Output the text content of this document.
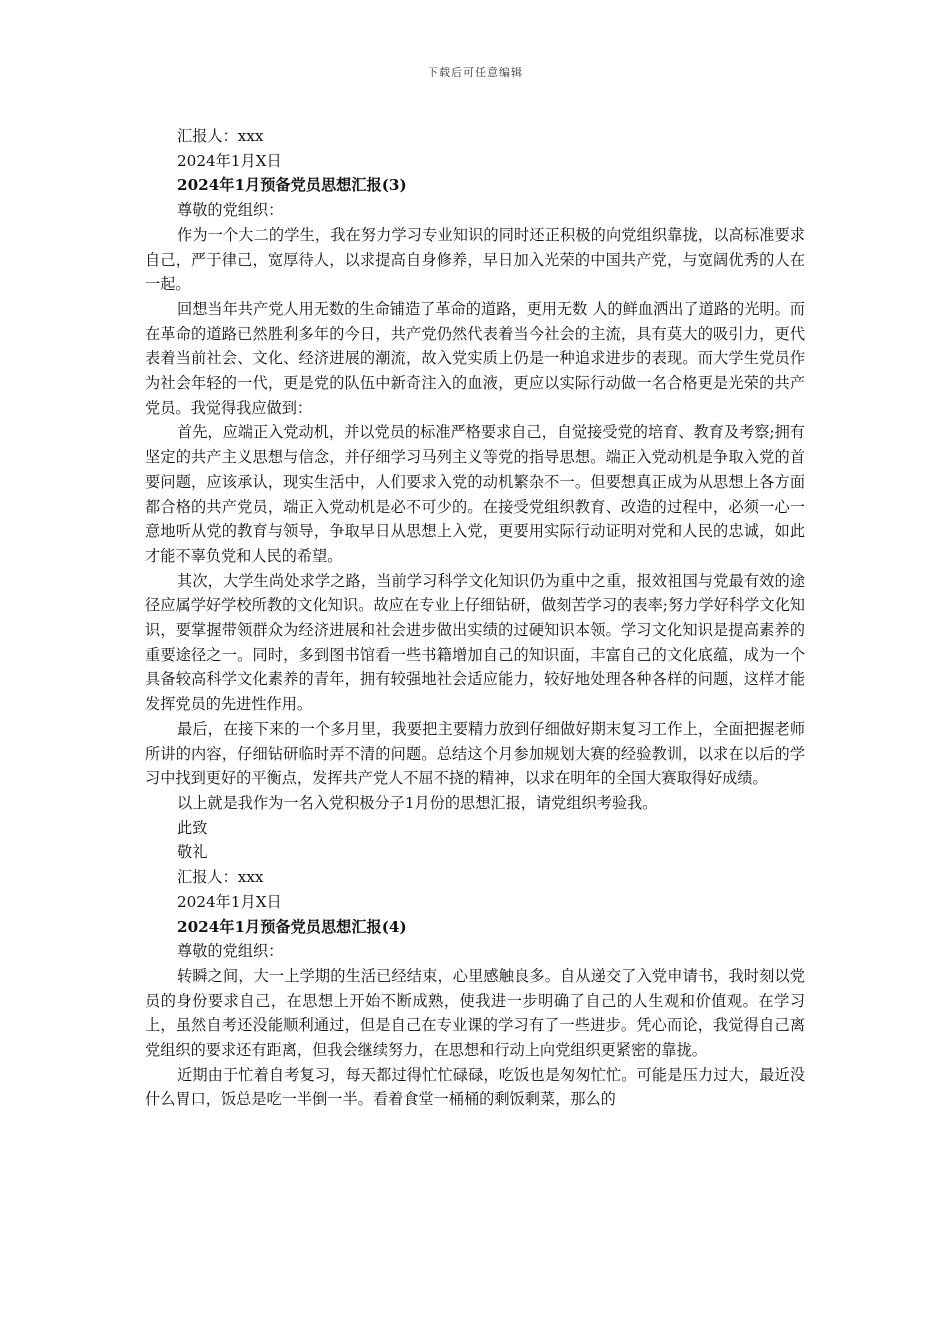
下载后可任意编辑
汇报人：xxx
2024年1月X日
2024年1月预备党员思想汇报(3)
尊敬的党组织：
作为一个大二的学生，我在努力学习专业知识的同时还正积极的向党组织靠拢，以高标准要求自己，严于律己，宽厚待人，以求提高自身修养，早日加入光荣的中国共产党，与宽阔优秀的人在一起。
回想当年共产党人用无数的生命铺造了革命的道路，更用无数 人的鲜血洒出了道路的光明。而在革命的道路已然胜利多年的今日，共产党仍然代表着当今社会的主流，具有莫大的吸引力，更代表着当前社会、文化、经济进展的潮流，故入党实质上仍是一种追求进步的表现。而大学生党员作为社会年轻的一代，更是党的队伍中新奇注入的血液，更应以实际行动做一名合格更是光荣的共产党员。我觉得我应做到：
首先，应端正入党动机，并以党员的标准严格要求自己，自觉接受党的培育、教育及考察;拥有坚定的共产主义思想与信念，并仔细学习马列主义等党的指导思想。端正入党动机是争取入党的首要问题，应该承认，现实生活中，人们要求入党的动机繁杂不一。但要想真正成为从思想上各方面都合格的共产党员，端正入党动机是必不可少的。在接受党组织教育、改造的过程中，必须一心一意地听从党的教育与领导，争取早日从思想上入党，更要用实际行动证明对党和人民的忠诚，如此才能不辜负党和人民的希望。
其次，大学生尚处求学之路，当前学习科学文化知识仍为重中之重，报效祖国与党最有效的途径应属学好学校所教的文化知识。故应在专业上仔细钻研，做刻苦学习的表率;努力学好科学文化知识，要掌握带领群众为经济进展和社会进步做出实绩的过硬知识本领。学习文化知识是提高素养的重要途径之一。同时，多到图书馆看一些书籍增加自己的知识面，丰富自己的文化底蕴，成为一个具备较高科学文化素养的青年，拥有较强地社会适应能力，较好地处理各种各样的问题，这样才能发挥党员的先进性作用。
最后，在接下来的一个多月里，我要把主要精力放到仔细做好期末复习工作上，全面把握老师所讲的内容，仔细钻研临时弄不清的问题。总结这个月参加规划大赛的经验教训，以求在以后的学习中找到更好的平衡点，发挥共产党人不屈不挠的精神，以求在明年的全国大赛取得好成绩。
以上就是我作为一名入党积极分子1月份的思想汇报，请党组织考验我。
此致
敬礼
汇报人：xxx
2024年1月X日
2024年1月预备党员思想汇报(4)
尊敬的党组织：
转瞬之间，大一上学期的生活已经结束，心里感触良多。自从递交了入党申请书，我时刻以党员的身份要求自己，在思想上开始不断成熟，使我进一步明确了自己的人生观和价值观。在学习上，虽然自考还没能顺利通过，但是自己在专业课的学习有了一些进步。凭心而论，我觉得自己离党组织的要求还有距离，但我会继续努力，在思想和行动上向党组织更紧密的靠拢。
近期由于忙着自考复习，每天都过得忙忙碌碌，吃饭也是匆匆忙忙。可能是压力过大，最近没什么胃口，饭总是吃一半倒一半。看着食堂一桶桶的剩饭剩菜，那么的
